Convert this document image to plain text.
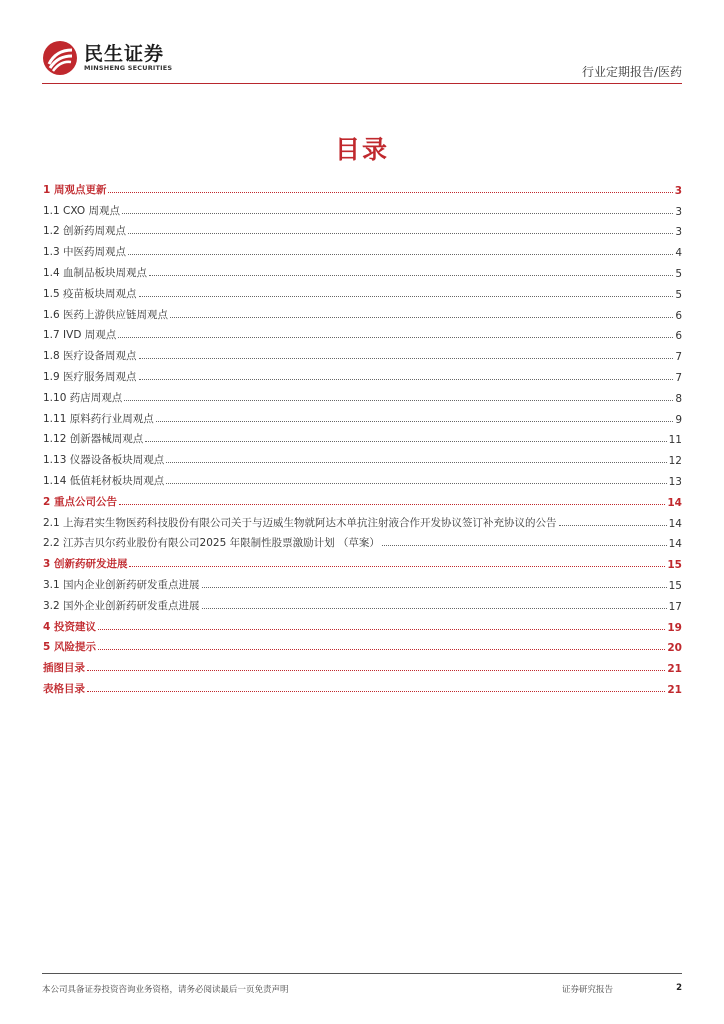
民生证券
MINSHENG SECURITIES	行业定期报告/医药
目录
1 周观点更新	3
1.1 CXO 周观点	3
1.2 创新药周观点	3
1.3 中医药周观点	4
1.4 血制品板块周观点	5
1.5 疫苗板块周观点	5
1.6 医药上游供应链周观点	6
1.7 IVD 周观点	6
1.8 医疗设备周观点	7
1.9 医疗服务周观点	7
1.10 药店周观点	8
1.11 原料药行业周观点	9
1.12 创新器械周观点	11
1.13 仪器设备板块周观点	12
1.14 低值耗材板块周观点	13
2 重点公司公告	14
2.1 上海君实生物医药科技股份有限公司关于与迈威生物就阿达木单抗注射液合作开发协议签订补充协议的公告	14
2.2 江苏吉贝尔药业股份有限公司2025 年限制性股票激励计划 （草案）	14
3 创新药研发进展	15
3.1 国内企业创新药研发重点进展	15
3.2 国外企业创新药研发重点进展	17
4 投资建议	19
5 风险提示	20
插图目录	21
表格目录	21
本公司具备证券投资咨询业务资格，请务必阅读最后一页免责声明	证券研究报告	2
